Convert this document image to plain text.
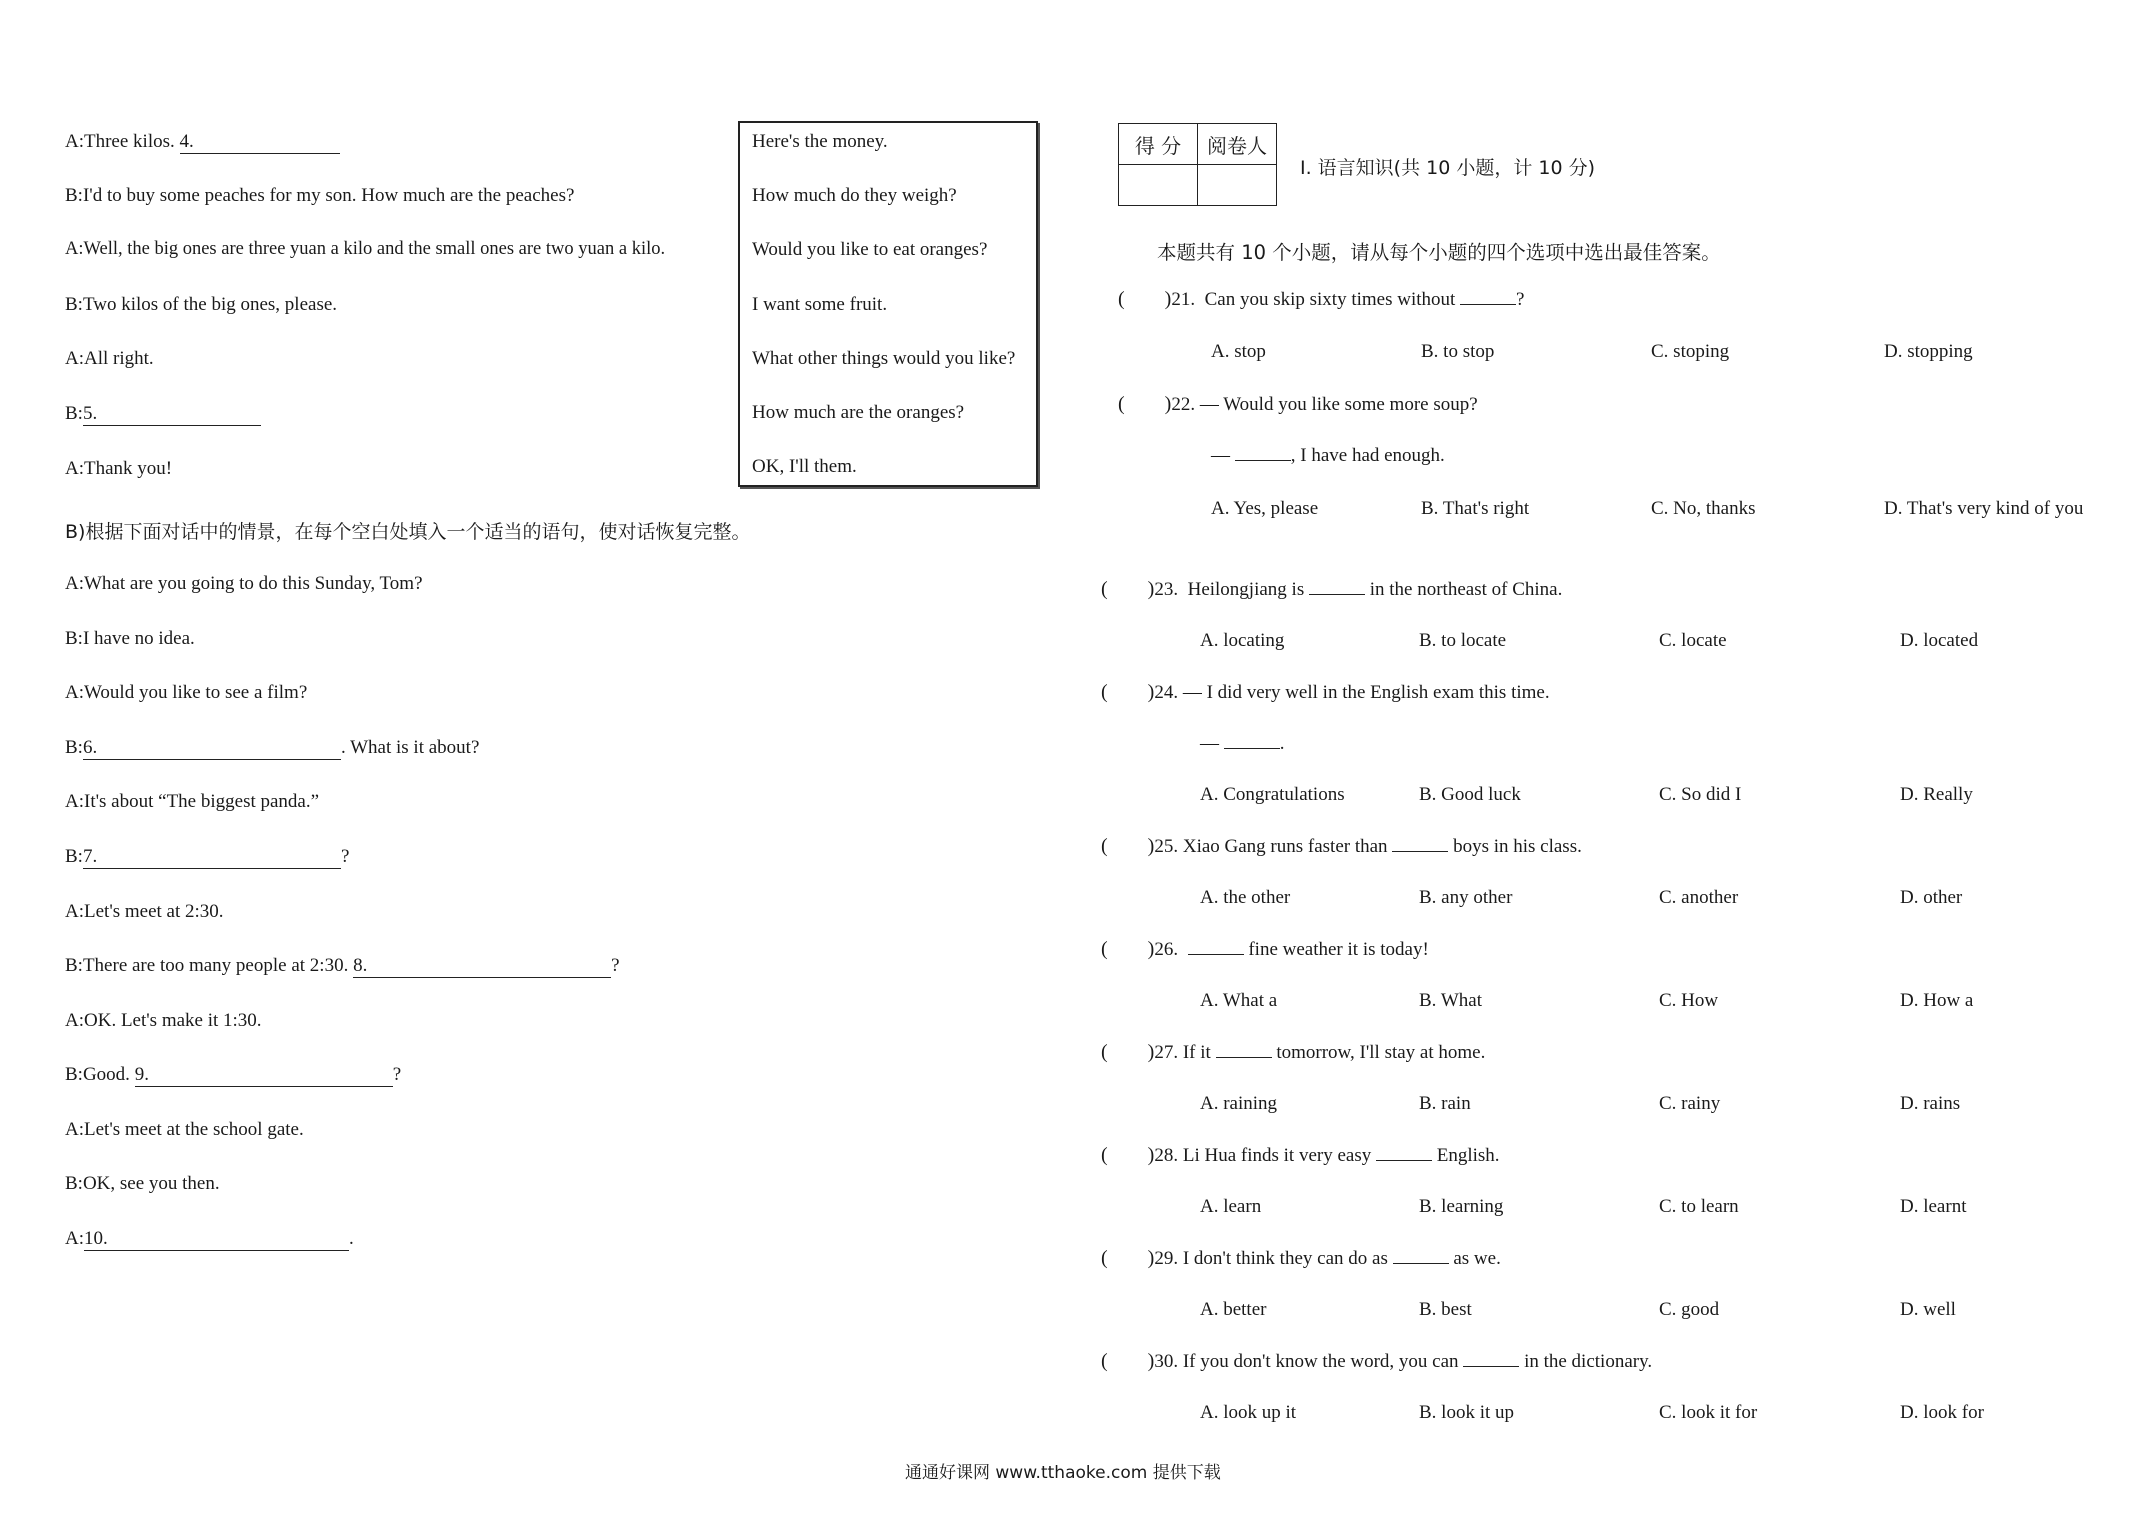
A:Three kilos. 4.
B:I'd to buy some peaches for my son. How much are the peaches?
A:Well, the big ones are three yuan a kilo and the small ones are two yuan a kilo.
B:Two kilos of the big ones, please.
A:All right.
B:5.
A:Thank you!
Here's the money.
How much do they weigh?
Would you like to eat oranges?
I want some fruit.
What other things would you like?
How much are the oranges?
OK, I'll them.
B)根据下面对话中的情景，在每个空白处填入一个适当的语句，使对话恢复完整。
A:What are you going to do this Sunday, Tom?
B:I have no idea.
A:Would you like to see a film?
B:6.	. What is it about?
A:It's about “The biggest panda.”
B:7.	?
A:Let's meet at 2:30.
B:There are too many people at 2:30. 8.	?
A:OK. Let's make it 1:30.
B:Good. 9.	?
A:Let's meet at the school gate.
B:OK, see you then.
A:10.	.
得 分	阅卷人

Ⅰ. 语言知识(共 10 小题，计 10 分)
本题共有 10 个小题，请从每个小题的四个选项中选出最佳答案。
( )21. Can you skip sixty times without	?
A. stop	B. to stop	C. stoping	D. stopping
( )22. — Would you like some more soup?
—	, I have had enough.
A. Yes, please	B. That's right	C. No, thanks	D. That's very kind of you
( )23. Heilongjiang is	in the northeast of China.
A. locating	B. to locate	C. locate	D. located
( )24. — I did very well in the English exam this time.
—	.
A. Congratulations	B. Good luck	C. So did I	D. Really
( )25. Xiao Gang runs faster than	boys in his class.
A. the other	B. any other	C. another	D. other
( )26.	fine weather it is today!
A. What a	B. What	C. How	D. How a
( )27. If it	tomorrow, I'll stay at home.
A. raining	B. rain	C. rainy	D. rains
( )28. Li Hua finds it very easy	English.
A. learn	B. learning	C. to learn	D. learnt
( )29. I don't think they can do as	as we.
A. better	B. best	C. good	D. well
( )30. If you don't know the word, you can	in the dictionary.
A. look up it	B. look it up	C. look it for	D. look for
通通好课网 www.tthaoke.com 提供下载
